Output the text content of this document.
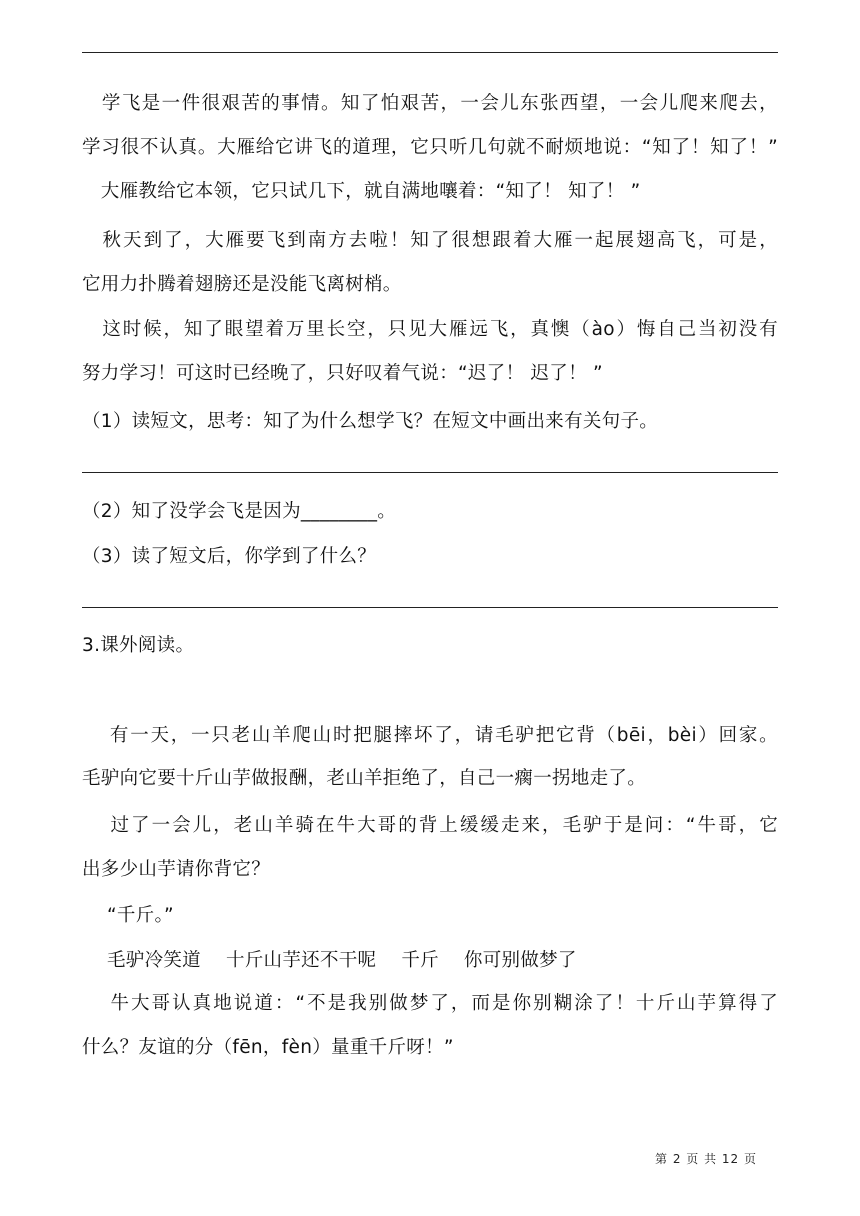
　学飞是一件很艰苦的事情。知了怕艰苦，一会儿东张西望，一会儿爬来爬去，
学习很不认真。大雁给它讲飞的道理，它只听几句就不耐烦地说：“知了！知了！”
　大雁教给它本领，它只试几下，就自满地嚷着：“知了！ 知了！ ”
　秋天到了，大雁要飞到南方去啦！知了很想跟着大雁一起展翅高飞，可是，
它用力扑腾着翅膀还是没能飞离树梢。
　这时候，知了眼望着万里长空，只见大雁远飞，真懊（ào）悔自己当初没有
努力学习！可这时已经晚了，只好叹着气说：“迟了！ 迟了！ ”
（1）读短文，思考：知了为什么想学飞？在短文中画出来有关句子。
（2）知了没学会飞是因为________。
（3）读了短文后，你学到了什么？
3.课外阅读。
　 有一天，一只老山羊爬山时把腿摔坏了，请毛驴把它背（bēi，bèi）回家。
毛驴向它要十斤山芋做报酬，老山羊拒绝了，自己一瘸一拐地走了。
　 过了一会儿，老山羊骑在牛大哥的背上缓缓走来，毛驴于是问：“牛哥，它
出多少山芋请你背它？
　 “千斤。”
　 毛驴冷笑道　 十斤山芋还不干呢　 千斤　 你可别做梦了
　 牛大哥认真地说道：“不是我别做梦了，而是你别糊涂了！十斤山芋算得了
什么？友谊的分（fēn，fèn）量重千斤呀！”
第 2 页 共 12 页
